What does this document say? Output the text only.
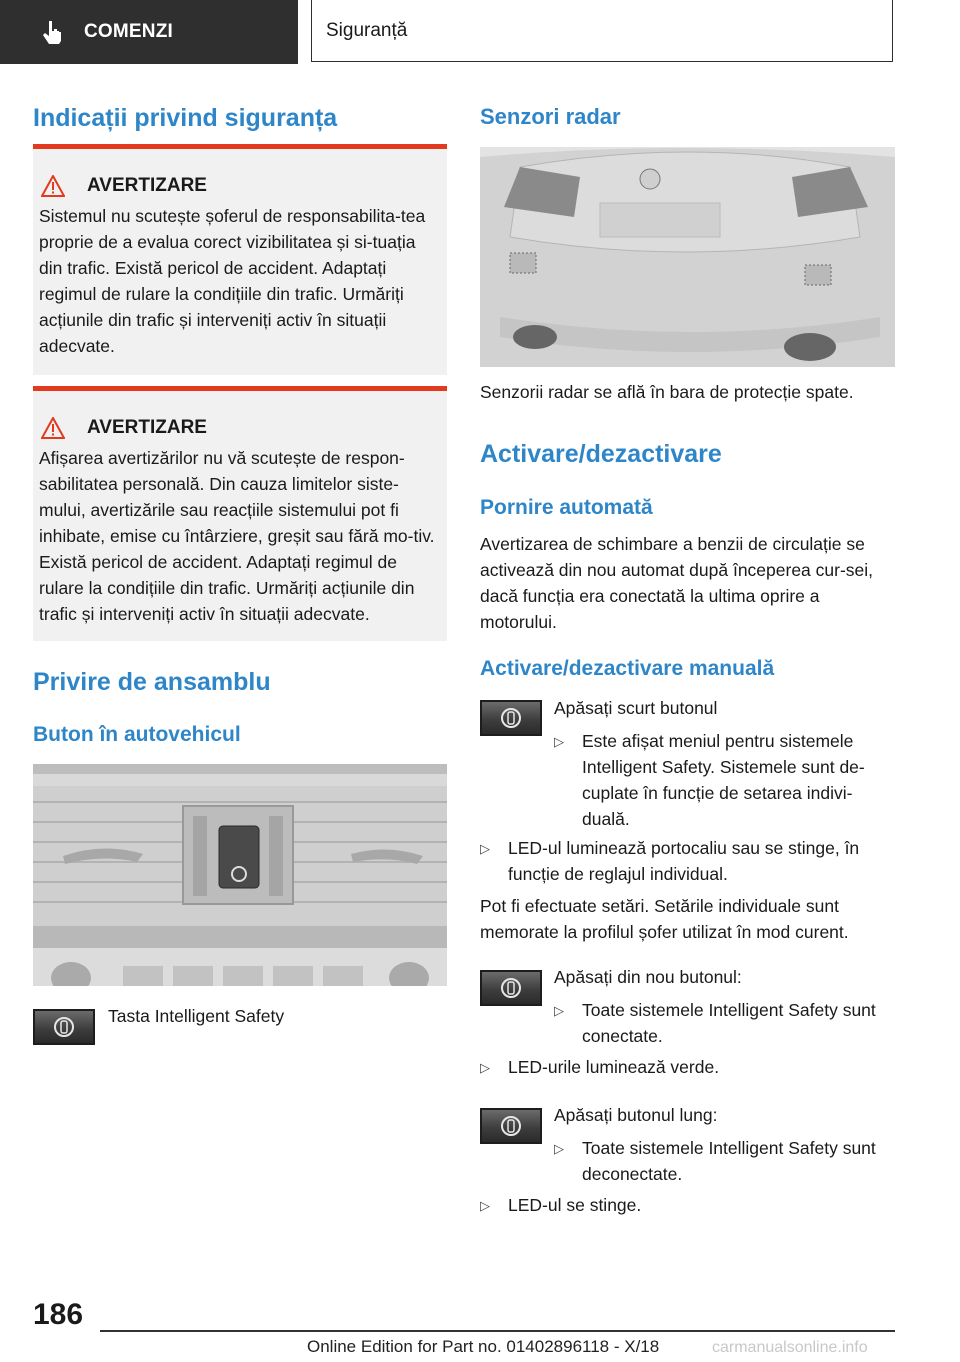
COMENZI	Siguranță
Indicații privind siguranța
AVERTIZARE

Sistemul nu scutește șoferul de responsabilita-tea proprie de a evalua corect vizibilitatea și si-tuația din trafic. Există pericol de accident. Adaptați regimul de rulare la condițiile din trafic. Urmăriți acțiunile din trafic și interveniți activ în situații adecvate.

AVERTIZARE

Afișarea avertizărilor nu vă scutește de respon-sabilitatea personală. Din cauza limitelor siste-mului, avertizările sau reacțiile sistemului pot fi inhibate, emise cu întârziere, greșit sau fără mo-tiv. Există pericol de accident. Adaptați regimul de rulare la condițiile din trafic. Urmăriți acțiunile din trafic și interveniți activ în situații adecvate.

Privire de ansamblu
Buton în autovehicul
Tasta Intelligent Safety
Senzori radar
Senzorii radar se află în bara de protecție spate.
Activare/dezactivare
Pornire automată

Avertizarea de schimbare a benzii de circulație se activează din nou automat după începerea cur-sei, dacă funcția era conectată la ultima oprire a motorului.

Activare/dezactivare manuală
Apăsați scurt butonul
▷	Este afișat meniul pentru sistemele Intelligent Safety. Sistemele sunt de-cuplate în funcție de setarea indivi-duală.
▷	LED-ul luminează portocaliu sau se stinge, în funcție de reglajul individual.

Pot fi efectuate setări. Setările individuale sunt memorate la profilul șofer utilizat în mod curent.

Apăsați din nou butonul:
▷	Toate sistemele Intelligent Safety sunt conectate.
▷	LED-urile luminează verde.
Apăsați butonul lung:
▷	Toate sistemele Intelligent Safety sunt deconectate.
▷	LED-ul se stinge.
186
Online Edition for Part no. 01402896118 - X/18	carmanualsonline.info
